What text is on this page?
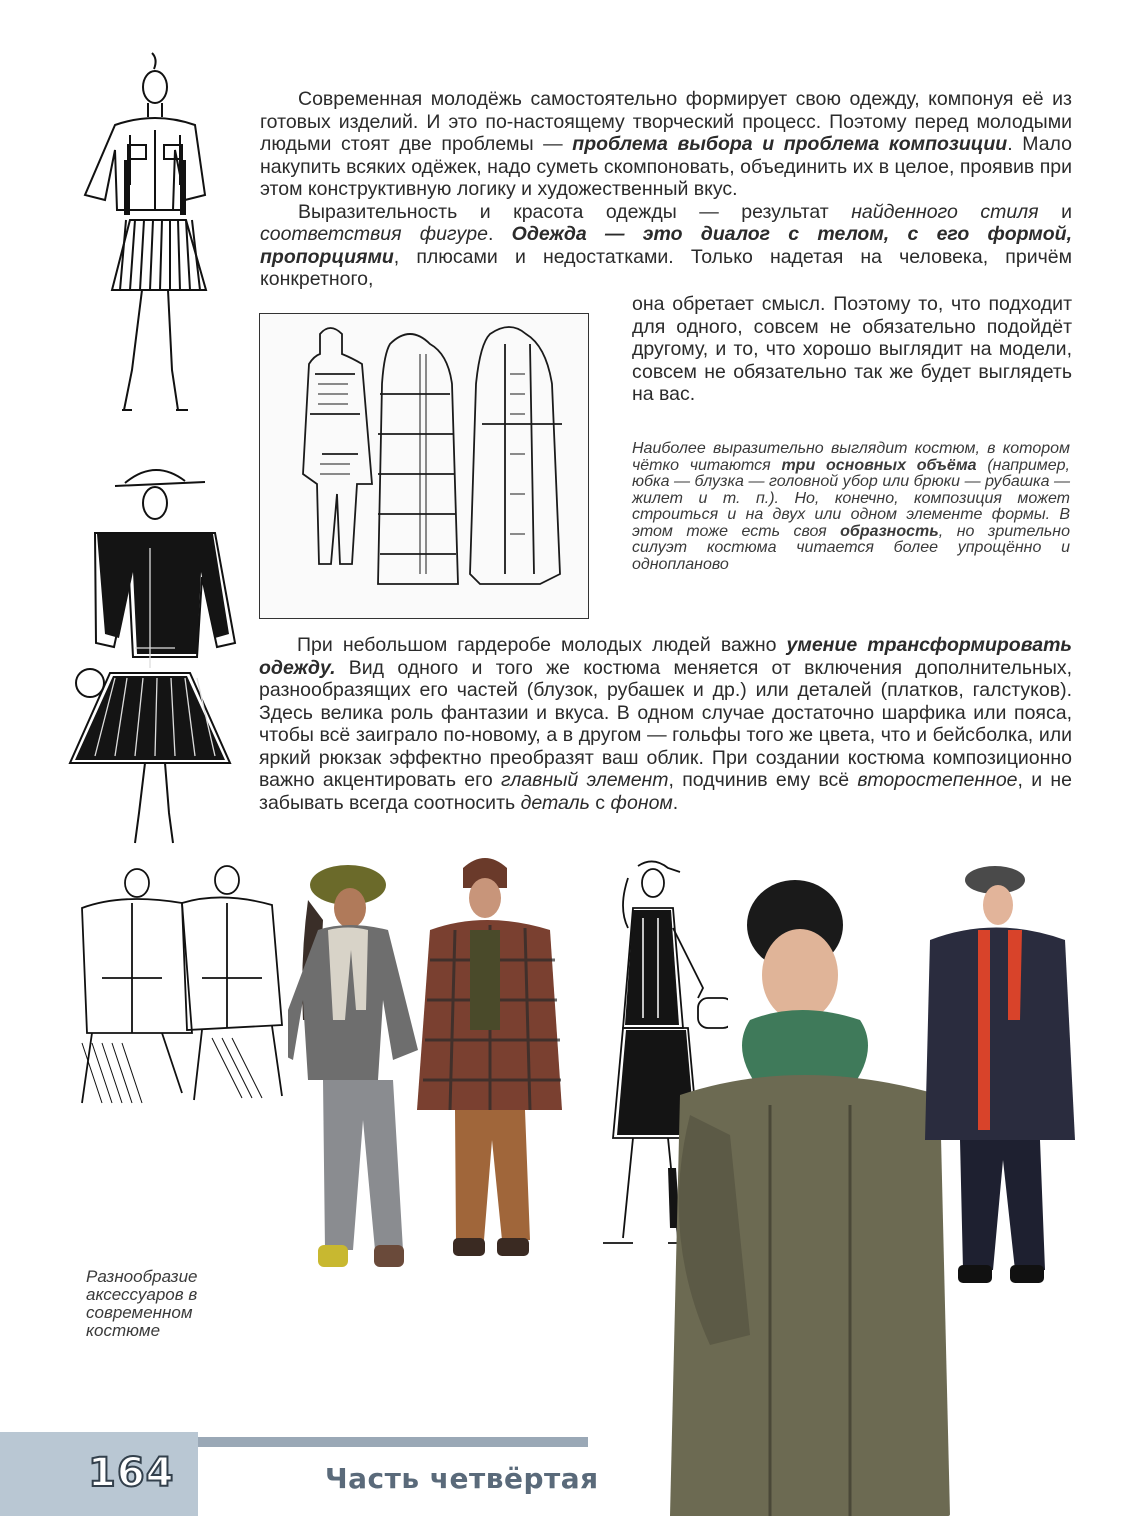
Современная молодёжь самостоятельно формирует свою одежду, компонуя её из готовых изделий. И это по-настоящему творческий процесс. Поэтому перед молодыми людьми стоят две проблемы — проблема выбора и проблема композиции. Мало накупить всяких одёжек, надо суметь скомпоновать, объединить их в целое, проявив при этом конструктивную логику и художественный вкус.

Выразительность и красота одежды — результат найденного стиля и соответствия фигуре. Одежда — это диалог с телом, с его формой, пропорциями, плюсами и недостатками. Только надетая на человека, причём конкретного,

она обретает смысл. Поэтому то, что подходит для одного, совсем не обязательно подойдёт другому, и то, что хорошо выглядит на модели, совсем не обязательно так же будет выглядеть на вас.

Наиболее выразительно выглядит костюм, в котором чётко читаются три основных объёма (например, юбка — блузка — головной убор или брюки — рубашка — жилет и т. п.). Но, конечно, композиция может строиться и на двух или одном элементе формы. В этом тоже есть своя образность, но зрительно силуэт костюма читается более упрощённо и однопланово

При небольшом гардеробе молодых людей важно умение трансформировать одежду. Вид одного и того же костюма меняется от включения дополнительных, разнообразящих его частей (блузок, рубашек и др.) или деталей (платков, галстуков). Здесь велика роль фантазии и вкуса. В одном случае достаточно шарфика или пояса, чтобы всё заиграло по-новому, а в другом — гольфы того же цвета, что и бейсболка, или яркий рюкзак эффектно преобразят ваш облик. При создании костюма композиционно важно акцентировать его главный элемент, подчинив ему всё второстепенное, и не забывать всегда соотносить деталь с фоном.

Разнообразие аксессуаров в современном костюме
164	Часть четвёртая
